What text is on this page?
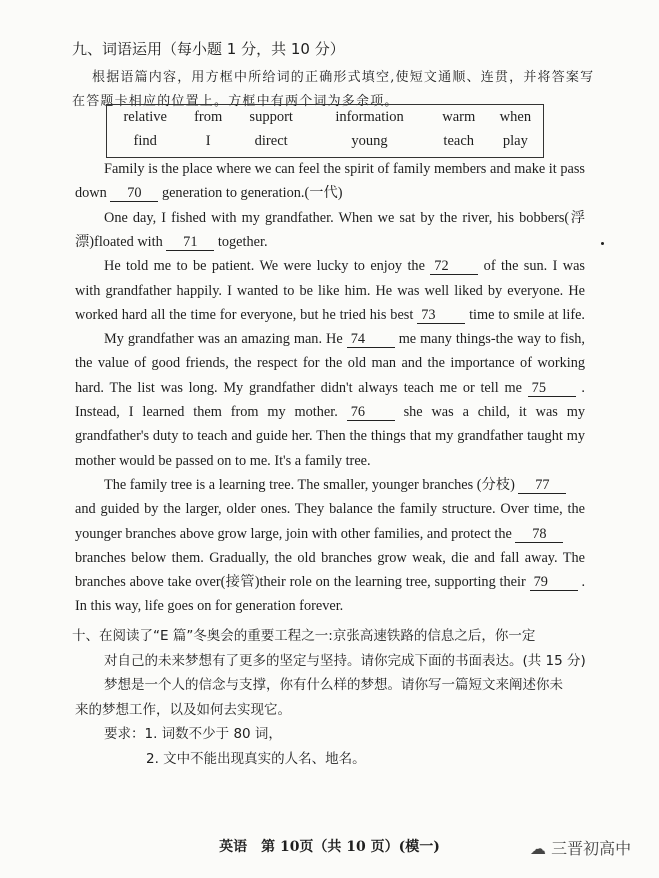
九、词语运用（每小题 1 分，共 10 分）
根据语篇内容，用方框中所给词的正确形式填空,使短文通顺、连贯，并将答案写
在答题卡相应的位置上。方框中有两个词为多余项。
relative	from	support	information	warm	when
find	I	direct	young	teach	play
Family is the place where we can feel the spirit of family members and make it pass
down 70 generation to generation.(一代)
One day, I fished with my grandfather. When we sat by the river, his bobbers(浮
漂)floated with 71 together.
He told me to be patient. We were lucky to enjoy the 72 of the sun. I was
with grandfather happily. I wanted to be like him. He was well liked by everyone. He
worked hard all the time for everyone, but he tried his best 73 time to smile at life.
My grandfather was an amazing man. He 74 me many things-the way to fish,
the value of good friends, the respect for the old man and the importance of working
hard. The list was long. My grandfather didn't always teach me or tell me 75 .
Instead, I learned them from my mother. 76	she was a child, it was my
grandfather's duty to teach and guide her. Then the things that my grandfather taught my
mother would be passed on to me. It's a family tree.
The family tree is a learning tree. The smaller, younger branches (分枝) 77
and guided by the larger, older ones. They balance the family structure. Over time, the
younger branches above grow large, join with other families, and protect the 78
branches below them. Gradually, the old branches grow weak, die and fall away. The
branches above take over(接管)their role on the learning tree, supporting their 79 .
In this way, life goes on for generation forever.
十、在阅读了“E 篇”冬奥会的重要工程之一:京张高速铁路的信息之后，你一定
对自己的未来梦想有了更多的坚定与坚持。请你完成下面的书面表达。(共 15 分)
梦想是一个人的信念与支撑，你有什么样的梦想。请你写一篇短文来阐述你未
来的梦想工作，以及如何去实现它。
要求：1. 词数不少于 80 词，
2. 文中不能出现真实的人名、地名。
英语　第 10页（共 10 页）(模一)	☁ 三晋初高中
